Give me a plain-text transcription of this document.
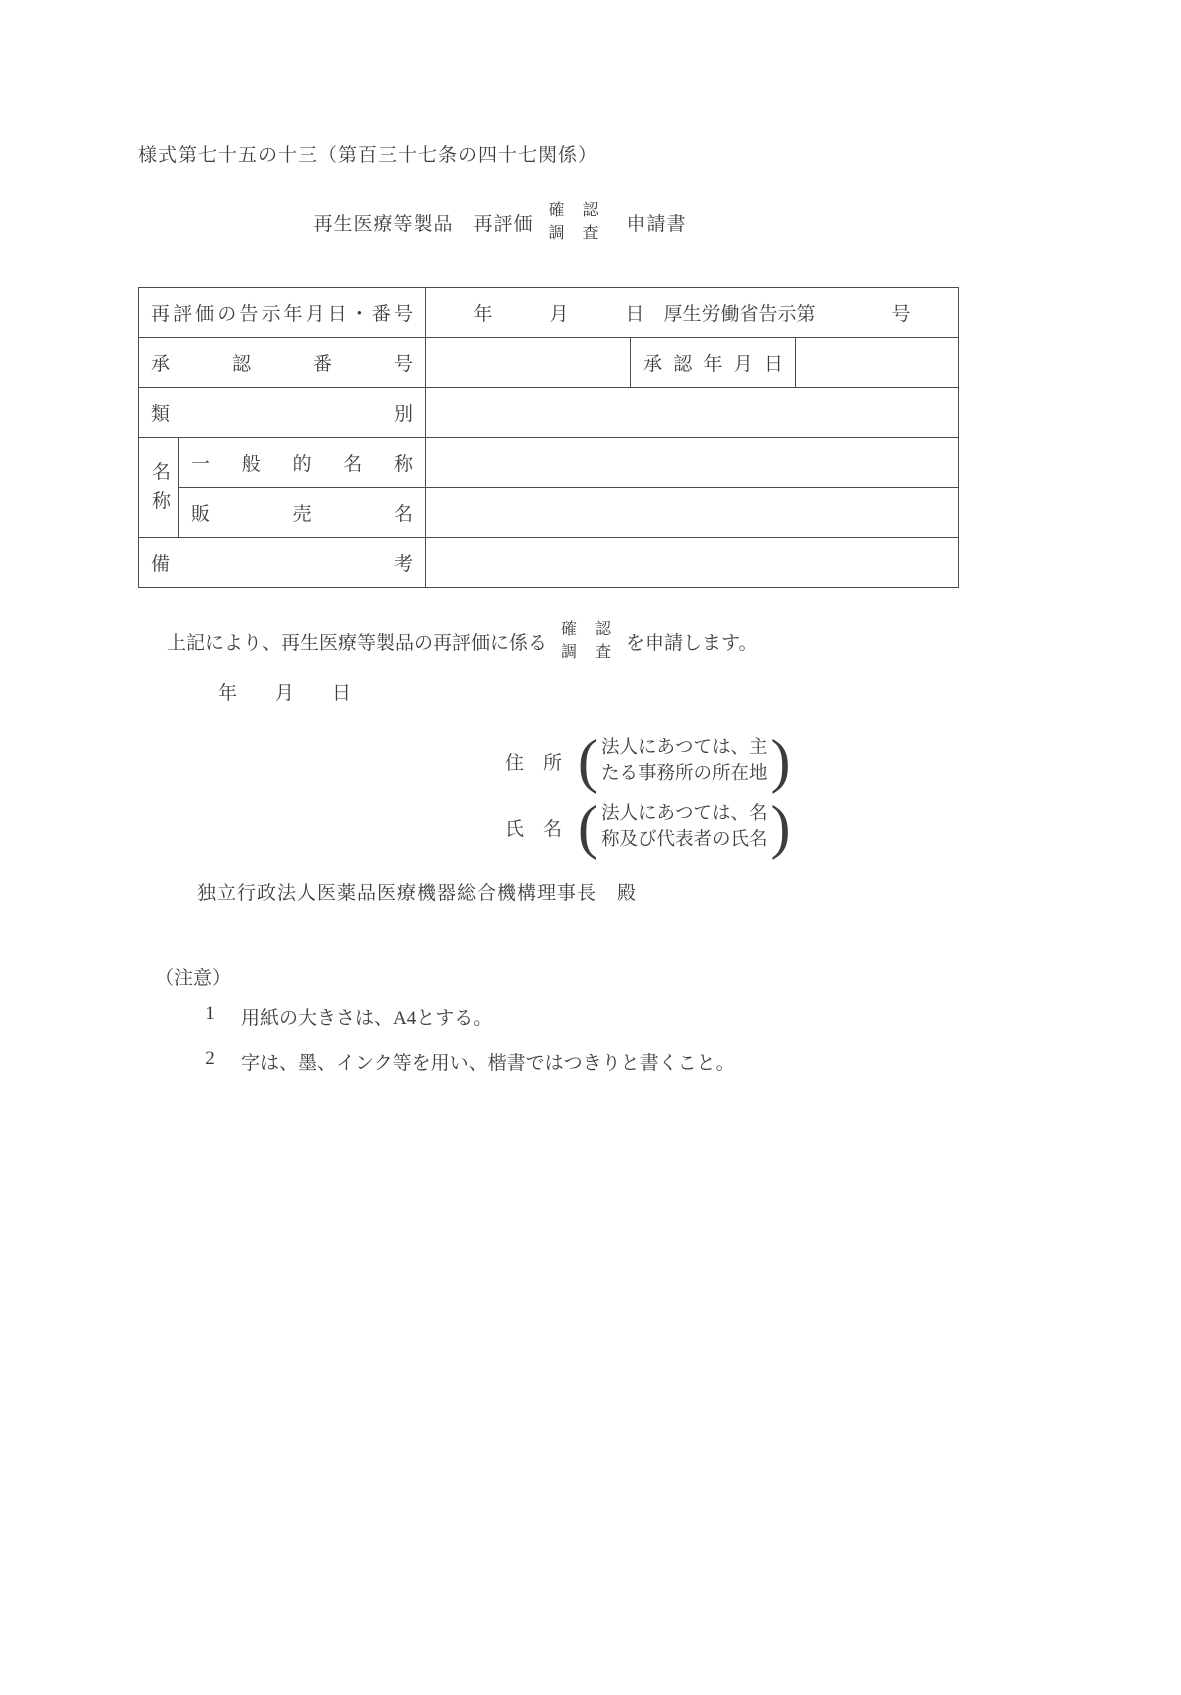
様式第七十五の十三（第百三十七条の四十七関係）
再生医療等製品　再評価
確　認
調　査 申請書
再評価の告示年月日・番号		年　　　月　　　日　厚生労働省告示第　　　　号		
承認番号			承認年月日	
類別				

名称	一般的名称			
	販売名			
備考				
上記により、再生医療等製品の再評価に係る
確　認
調　査 を申請します。
年　　月　　日
住　所 ( 法人にあつては、主
たる事務所の所在地 )
氏　名 ( 法人にあつては、名
称及び代表者の氏名 )
独立行政法人医薬品医療機器総合機構理事長　殿
（注意）
1 用紙の大きさは、A4とする。
2 字は、墨、インク等を用い、楷書ではつきりと書くこと。
